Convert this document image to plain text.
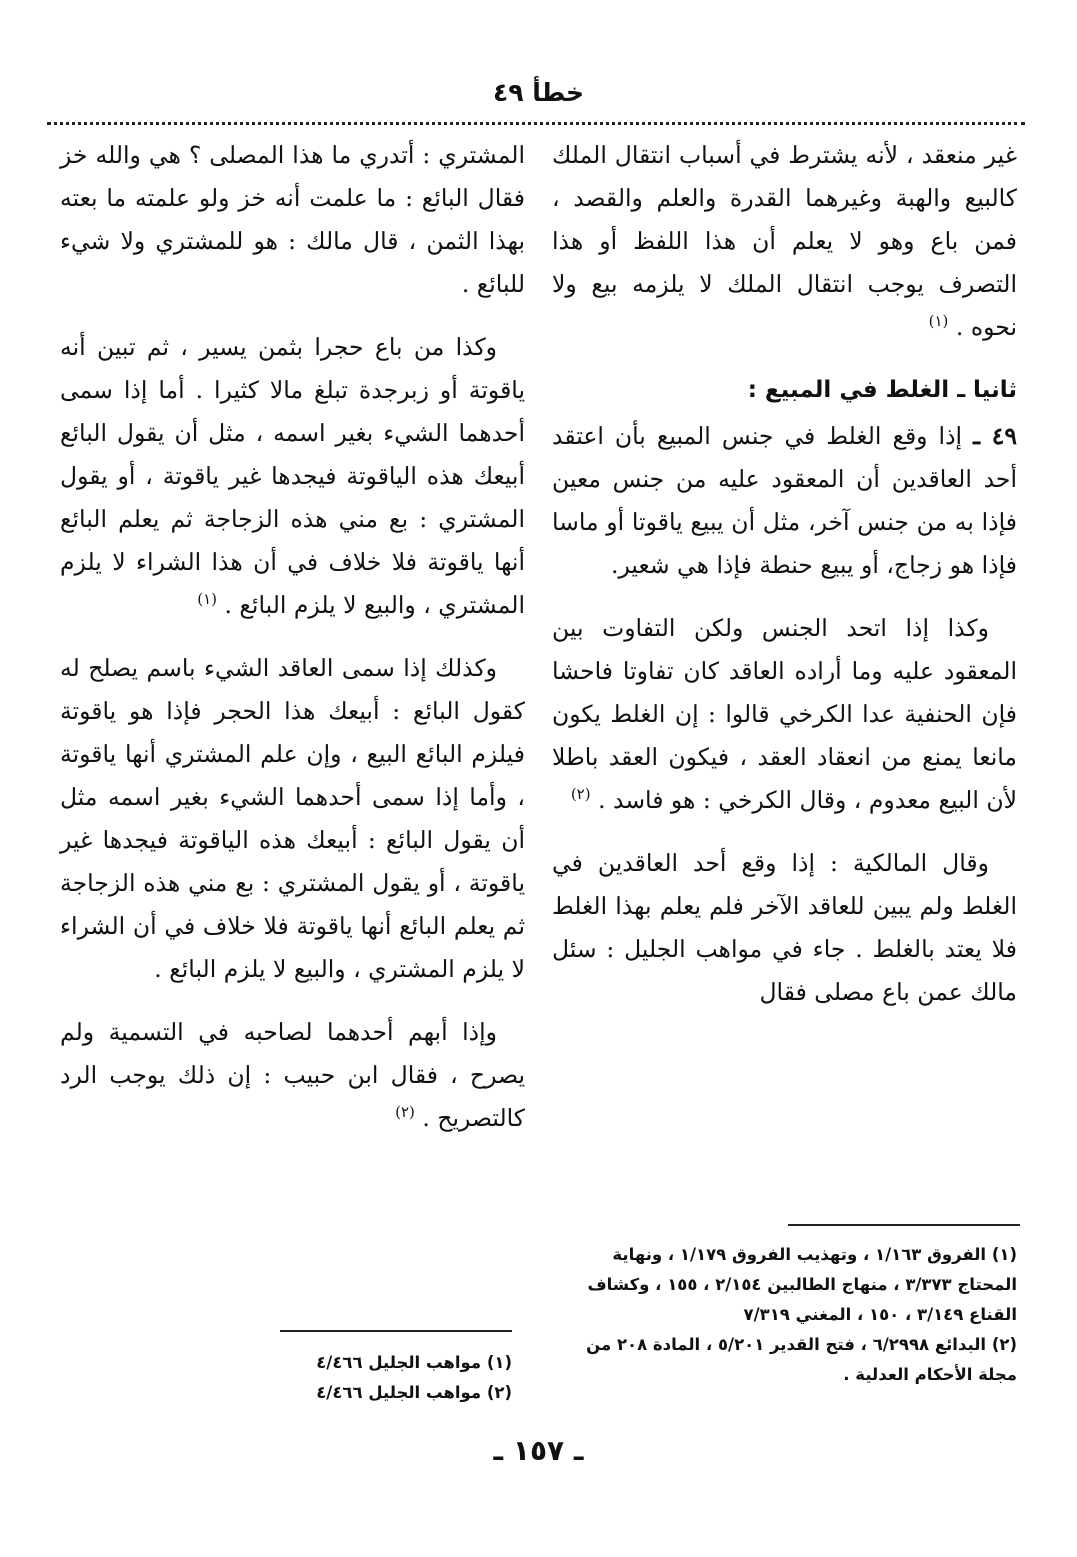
خطأ ٤٩

غير منعقد ، لأنه يشترط في أسباب انتقال الملك كالبيع والهبة وغيرهما القدرة والعلم والقصد ، فمن باع وهو لا يعلم أن هذا اللفظ أو هذا التصرف يوجب انتقال الملك لا يلزمه بيع ولا نحوه . $^{(١)}$

ثانيا ـ الغلط في المبيع :

٤٩ ـ إذا وقع الغلط في جنس المبيع بأن اعتقد أحد العاقدين أن المعقود عليه من جنس معين فإذا به من جنس آخر، مثل أن يبيع ياقوتا أو ماسا فإذا هو زجاج، أو يبيع حنطة فإذا هي شعير.

وكذا إذا اتحد الجنس ولكن التفاوت بين المعقود عليه وما أراده العاقد كان تفاوتا فاحشا فإن الحنفية عدا الكرخي قالوا : إن الغلط يكون مانعا يمنع من انعقاد العقد ، فيكون العقد باطلا لأن البيع معدوم ، وقال الكرخي : هو فاسد . $^{(٢)}$

وقال المالكية : إذا وقع أحد العاقدين في الغلط ولم يبين للعاقد الآخر فلم يعلم بهذا الغلط فلا يعتد بالغلط . جاء في مواهب الجليل : سئل مالك عمن باع مصلى فقال

المشتري : أتدري ما هذا المصلى ؟ هي والله خز فقال البائع : ما علمت أنه خز ولو علمته ما بعته بهذا الثمن ، قال مالك : هو للمشتري ولا شيء للبائع .

وكذا من باع حجرا بثمن يسير ، ثم تبين أنه ياقوتة أو زبرجدة تبلغ مالا كثيرا . أما إذا سمى أحدهما الشيء بغير اسمه ، مثل أن يقول البائع أبيعك هذه الياقوتة فيجدها غير ياقوتة ، أو يقول المشتري : بع مني هذه الزجاجة ثم يعلم البائع أنها ياقوتة فلا خلاف في أن هذا الشراء لا يلزم المشتري ، والبيع لا يلزم البائع . $^{(١)}$

وكذلك إذا سمى العاقد الشيء باسم يصلح له كقول البائع : أبيعك هذا الحجر فإذا هو ياقوتة فيلزم البائع البيع ، وإن علم المشتري أنها ياقوتة ، وأما إذا سمى أحدهما الشيء بغير اسمه مثل أن يقول البائع : أبيعك هذه الياقوتة فيجدها غير ياقوتة ، أو يقول المشتري : بع مني هذه الزجاجة ثم يعلم البائع أنها ياقوتة فلا خلاف في أن الشراء لا يلزم المشتري ، والبيع لا يلزم البائع .

وإذا أبهم أحدهما لصاحبه في التسمية ولم يصرح ، فقال ابن حبيب : إن ذلك يوجب الرد كالتصريح . $^{(٢)}$

(١) الفروق ١/١٦٣ ، وتهذيب الفروق ١/١٧٩ ، ونهاية المحتاج ٣/٣٧٣ ، منهاج الطالبين ٢/١٥٤ ، ١٥٥ ، وكشاف القناع ٣/١٤٩ ، ١٥٠ ، المغني ٧/٣١٩
(٢) البدائع ٦/٢٩٩٨ ، فتح القدير ٥/٢٠١ ، المادة ٢٠٨ من مجلة الأحكام العدلية .
(١) مواهب الجليل ٤/٤٦٦
(٢) مواهب الجليل ٤/٤٦٦
ـ ١٥٧ ـ
